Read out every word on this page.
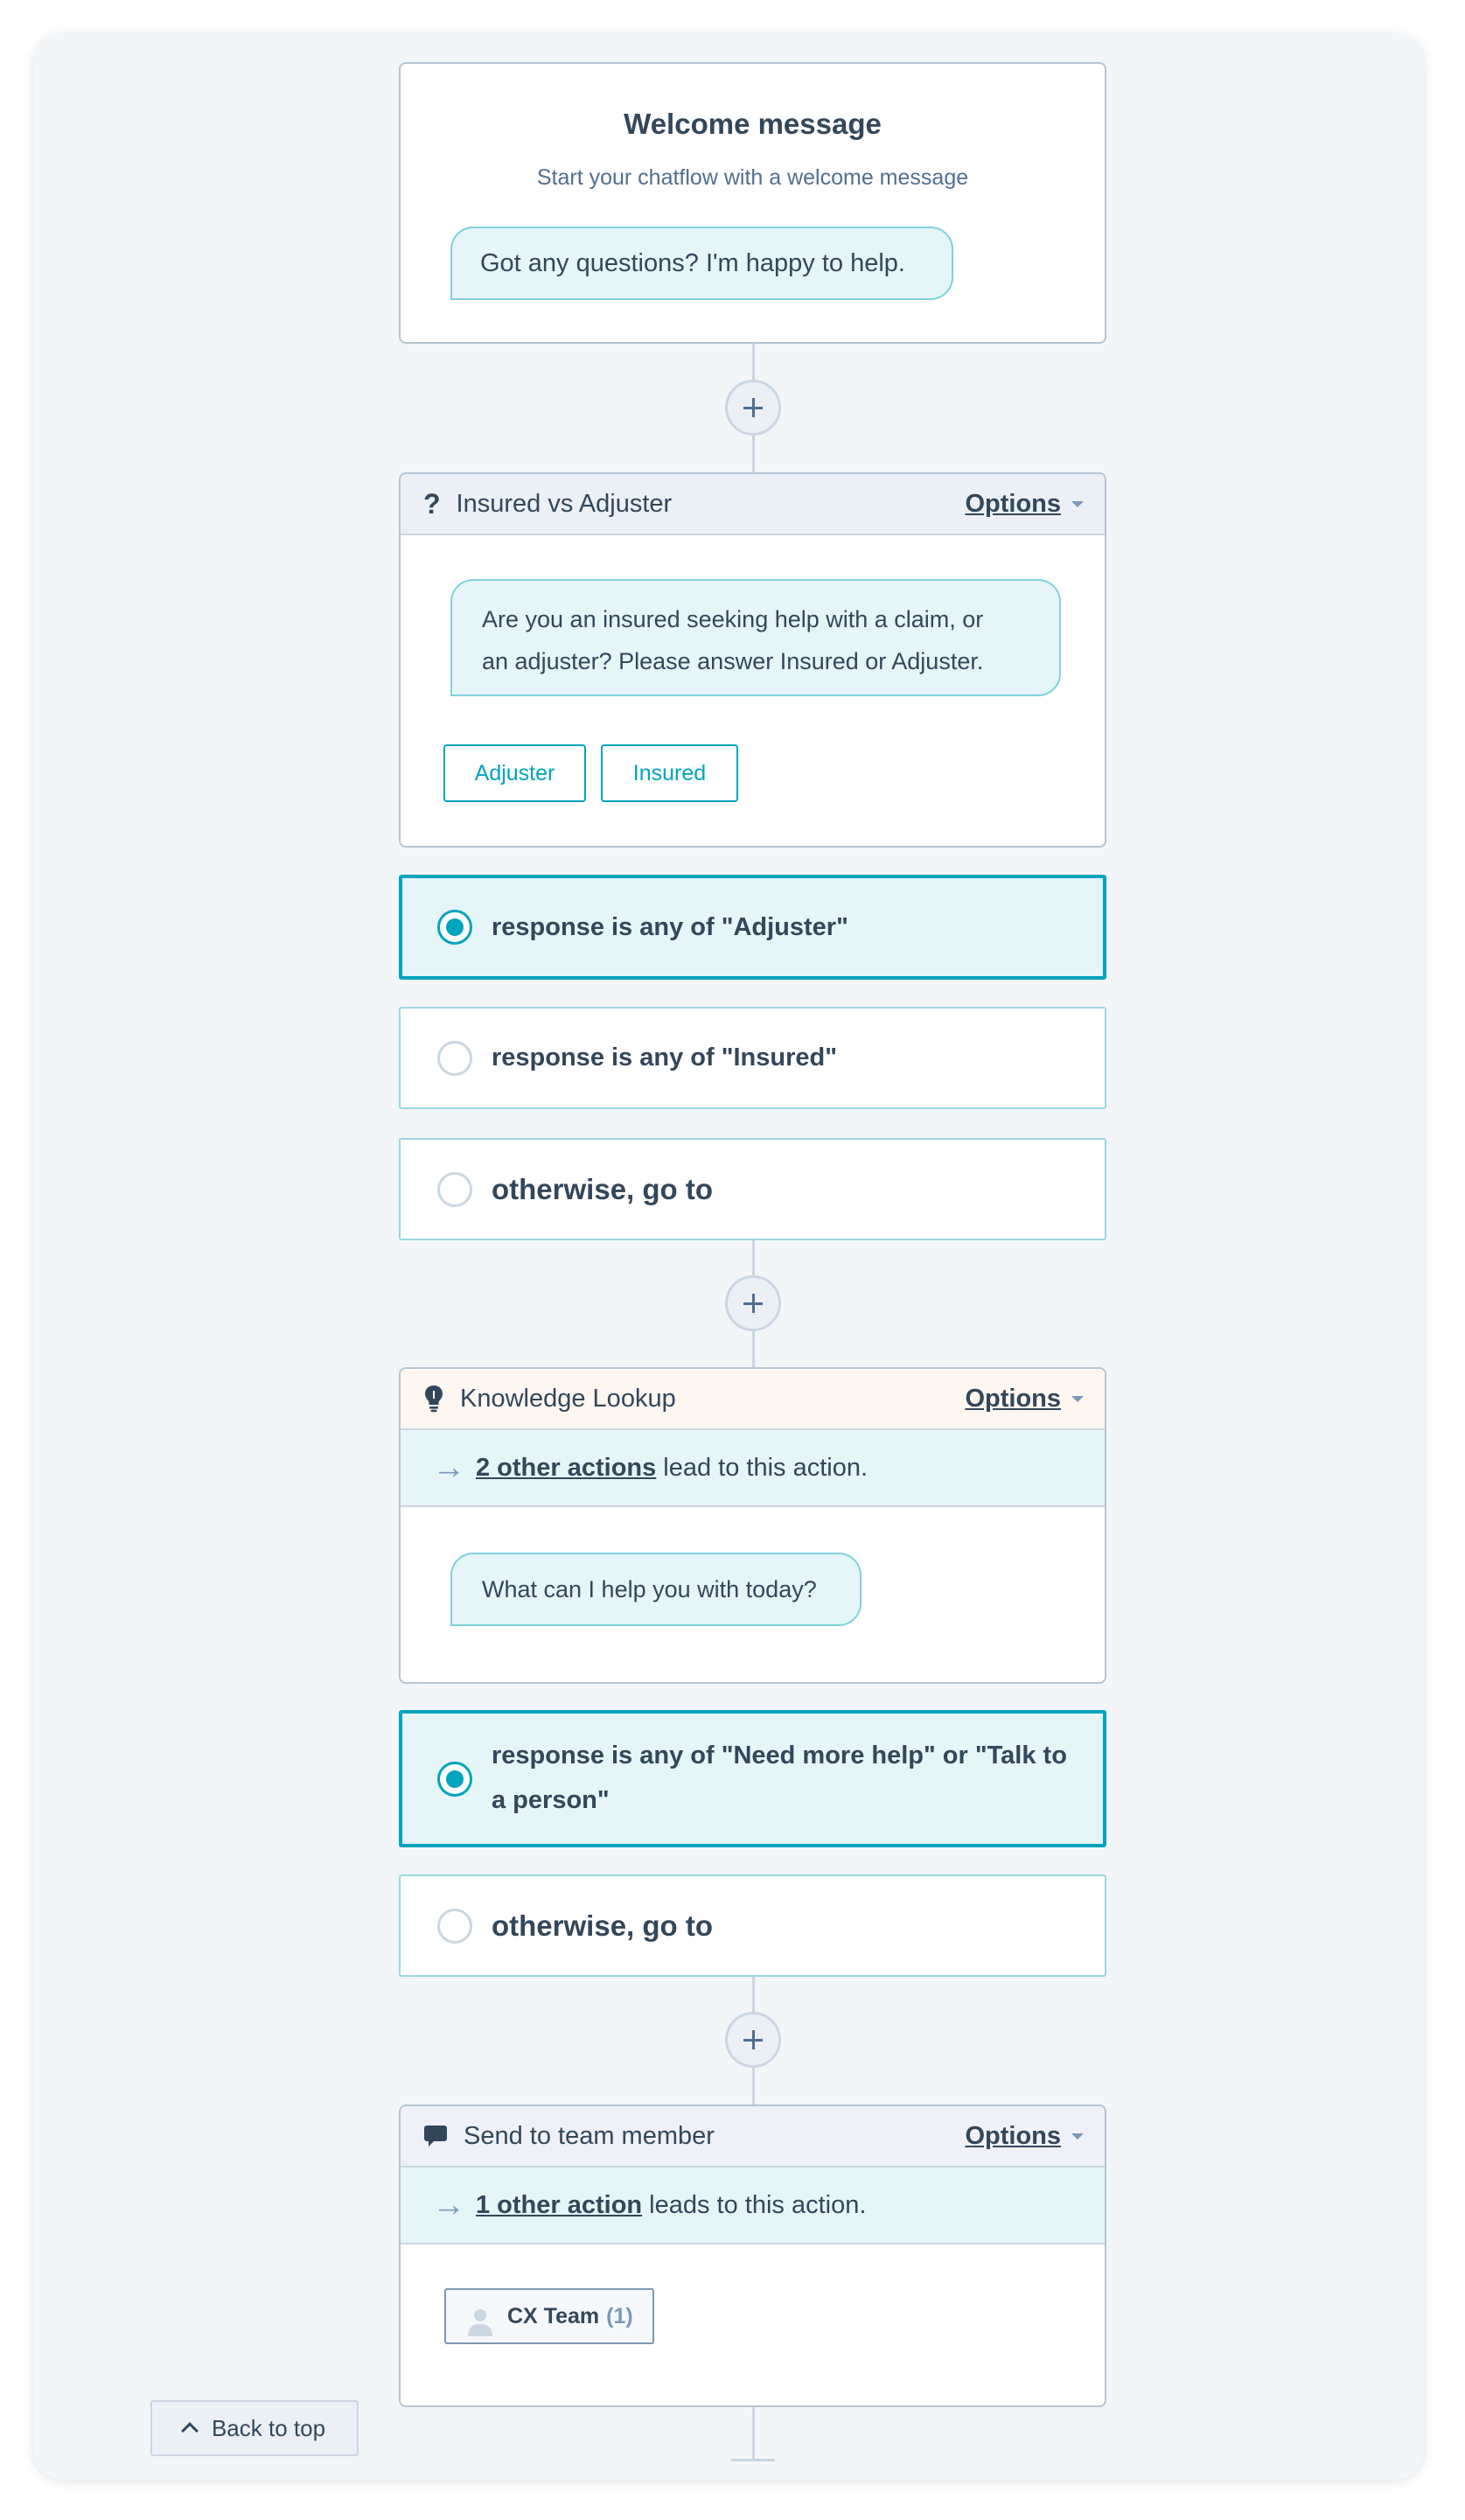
Welcome message
Start your chatflow with a welcome message
Got any questions? I'm happy to help.
? Insured vs Adjuster	Options
Are you an insured seeking help with a claim, or
an adjuster? Please answer Insured or Adjuster.
Adjuster	Insured
response is any of "Adjuster"
response is any of "Insured"
otherwise, go to
Knowledge Lookup	Options
→ 2 other actions lead to this action.
What can I help you with today?
response is any of "Need more help" or "Talk to
a person"
otherwise, go to
Send to team member	Options
→ 1 other action leads to this action.
CX Team (1)
Back to top
